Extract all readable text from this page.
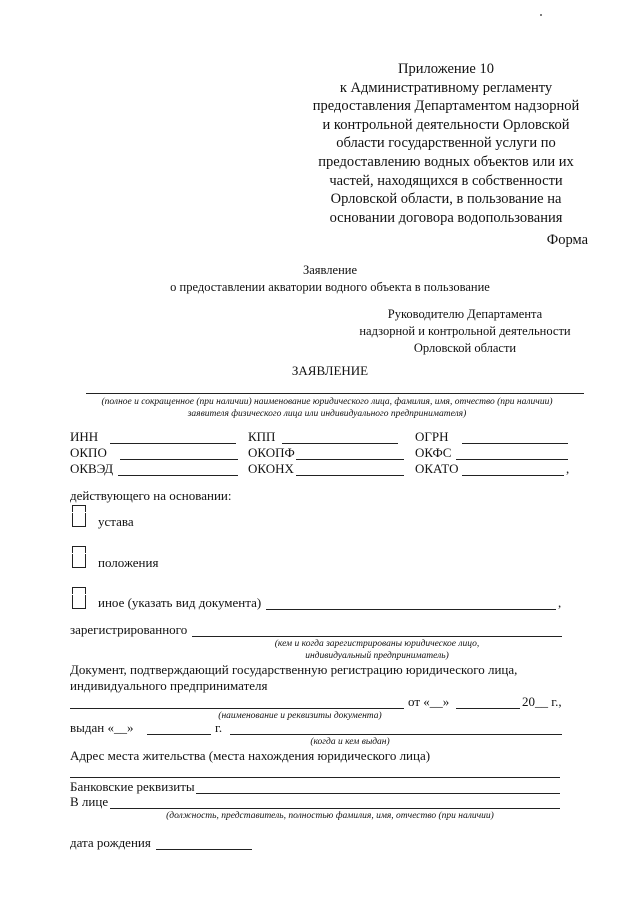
Приложение 10
к Административному регламенту
предоставления Департаментом надзорной
и контрольной деятельности Орловской
области государственной услуги по
предоставлению водных объектов или их
частей, находящихся в собственности
Орловской области, в пользование на
основании договора водопользования
Форма
Заявление
о предоставлении акватории водного объекта в пользование
Руководителю Департамента
надзорной и контрольной деятельности
Орловской области
ЗАЯВЛЕНИЕ
(полное и сокращенное (при наличии) наименование юридического лица, фамилия, имя, отчество (при наличии)
заявителя физического лица или индивидуального предпринимателя)
ИНН	КПП	ОГРН
ОКПО	ОКОПФ	ОКФС
ОКВЭД	ОКОНХ	ОКАТО	,
действующего на основании:
устава
положения
иное (указать вид документа)	,
зарегистрированного
(кем и когда зарегистрированы юридическое лицо,
индивидуальный предприниматель)
Документ, подтверждающий государственную регистрацию юридического лица,
индивидуального предпринимателя
от «__»	20__ г.,
(наименование и реквизиты документа)
выдан «__»	г.
(когда и кем выдан)
Адрес места жительства (места нахождения юридического лица)
Банковские реквизиты
В лице
(должность, представитель, полностью фамилия, имя, отчество (при наличии)
дата рождения
